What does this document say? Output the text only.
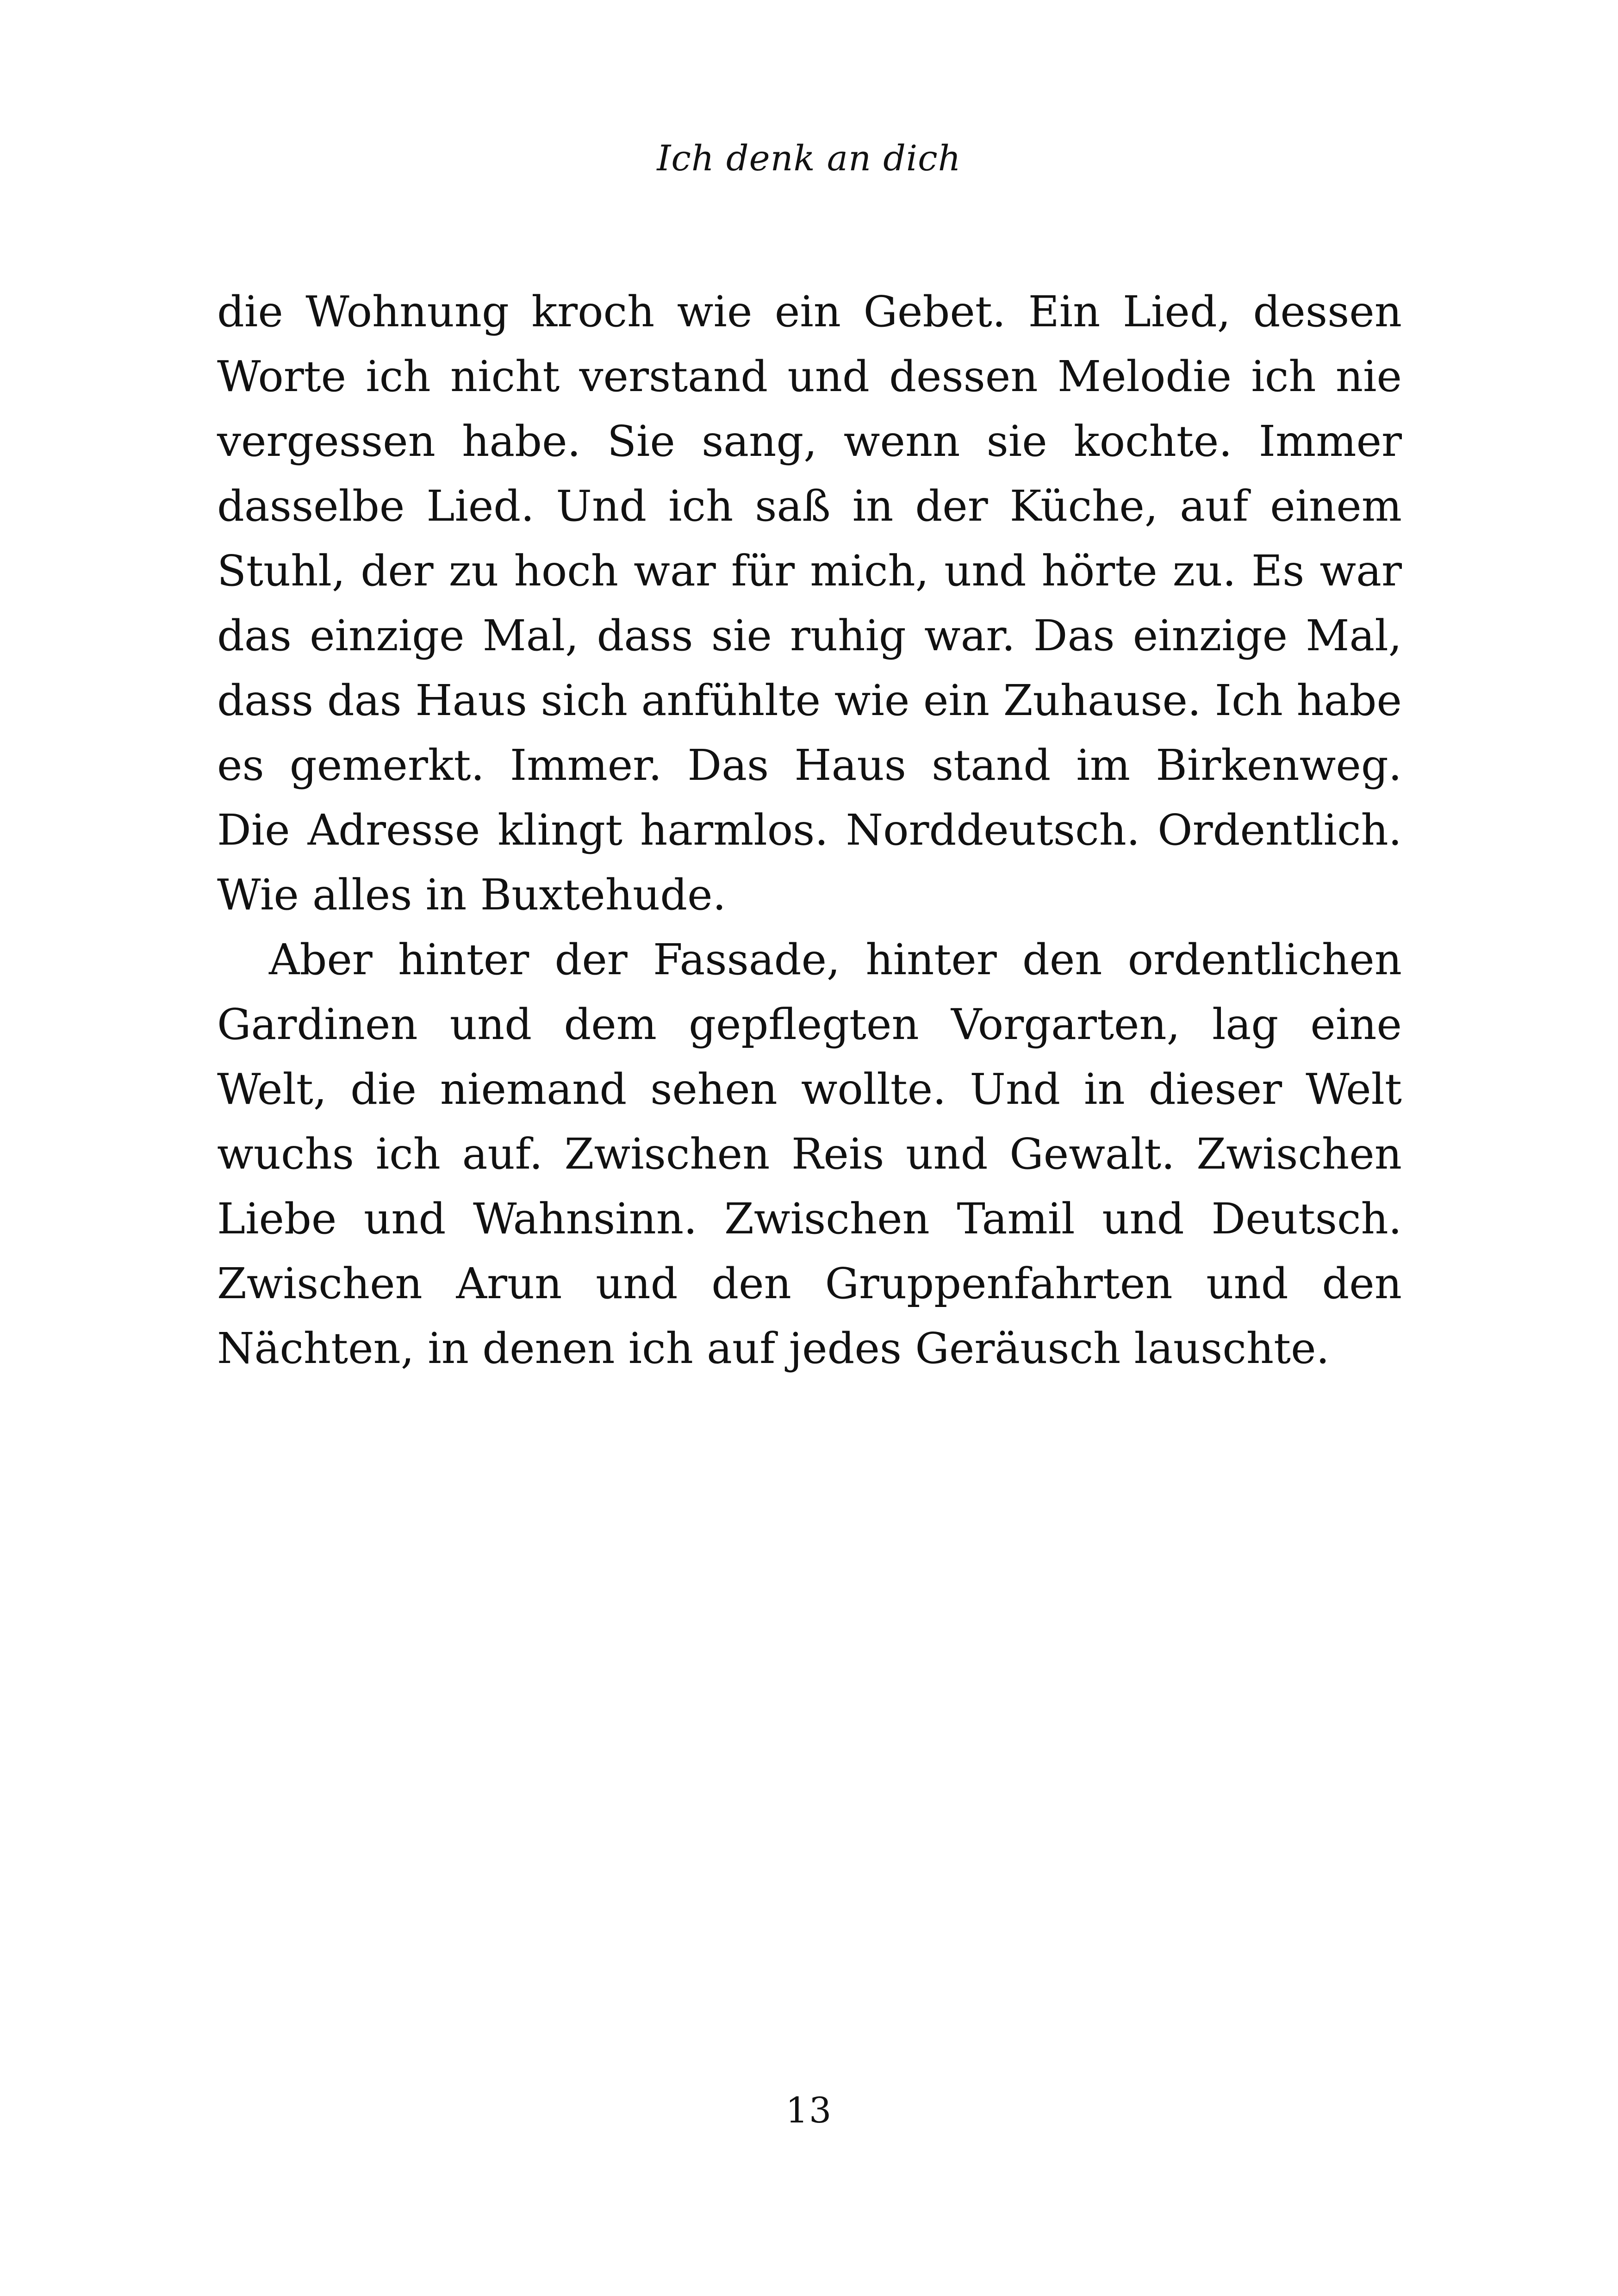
Ich denk an dich

die Wohnung kroch wie ein Gebet. Ein Lied, dessen Worte ich nicht verstand und dessen Melodie ich nie vergessen habe. Sie sang, wenn sie kochte. Immer dasselbe Lied. Und ich saß in der Küche, auf einem Stuhl, der zu hoch war für mich, und hörte zu. Es war das einzige Mal, dass sie ruhig war. Das einzige Mal, dass das Haus sich anfühlte wie ein Zuhause. Ich habe es gemerkt. Immer. Das Haus stand im Birkenweg. Die Adresse klingt harmlos. Norddeutsch. Ordentlich. Wie alles in Buxtehude.

Aber hinter der Fassade, hinter den ordentlichen Gardinen und dem gepflegten Vorgarten, lag eine Welt, die niemand sehen wollte. Und in dieser Welt wuchs ich auf. Zwischen Reis und Gewalt. Zwischen Liebe und Wahnsinn. Zwischen Tamil und Deutsch. Zwischen Arun und den Gruppenfahrten und den Nächten, in denen ich auf jedes Geräusch lauschte.

13
